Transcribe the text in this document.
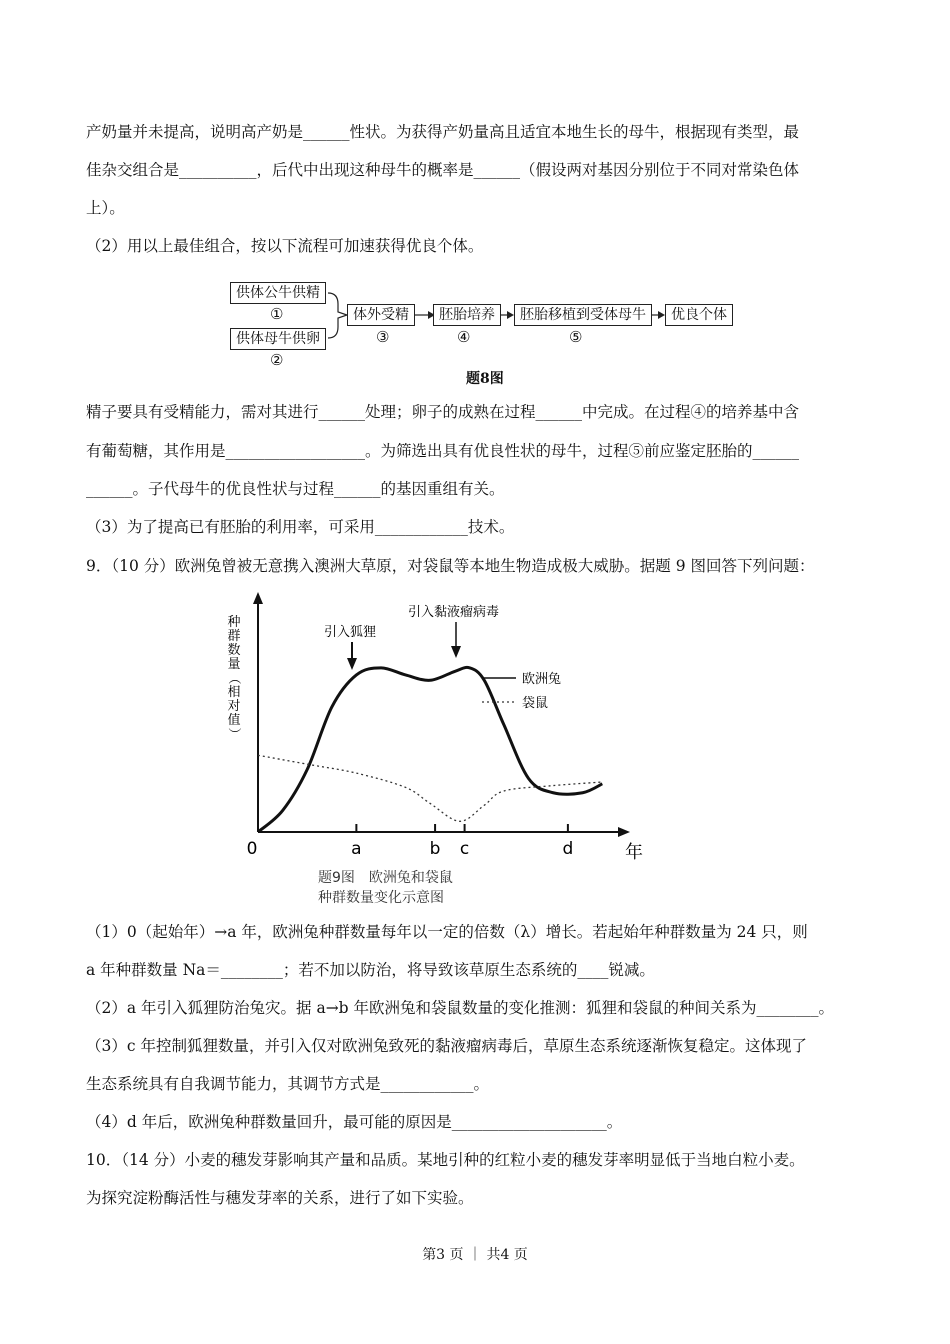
产奶量并未提高，说明高产奶是______性状。为获得产奶量高且适宜本地生长的母牛，根据现有类型，最
佳杂交组合是__________，后代中出现这种母牛的概率是______（假设两对基因分别位于不同对常染色体
上）。
（2）用以上最佳组合，按以下流程可加速获得优良个体。
供体公牛供精
①
供体母牛供卵
②
体外受精
③
胚胎培养
④
胚胎移植到受体母牛
⑤
优良个体
题8图
精子要具有受精能力，需对其进行______处理；卵子的成熟在过程______中完成。在过程④的培养基中含
有葡萄糖，其作用是__________________。为筛选出具有优良性状的母牛，过程⑤前应鉴定胚胎的______
______。子代母牛的优良性状与过程______的基因重组有关。
（3）为了提高已有胚胎的利用率，可采用____________技术。
9．（10 分）欧洲兔曾被无意携入澳洲大草原，对袋鼠等本地生物造成极大威胁。据题 9 图回答下列问题：
种
群
数
量
（
相
对
值
）
年
0	a	b c	d
引入狐狸
引入黏液瘤病毒
欧洲兔
袋鼠
题9图　欧洲兔和袋鼠
种群数量变化示意图
（1）0（起始年）→a 年，欧洲兔种群数量每年以一定的倍数（λ）增长。若起始年种群数量为 24 只，则
a 年种群数量 Na＝________；若不加以防治，将导致该草原生态系统的____锐减。
（2）a 年引入狐狸防治兔灾。据 a→b 年欧洲兔和袋鼠数量的变化推测：狐狸和袋鼠的种间关系为________。
（3）c 年控制狐狸数量，并引入仅对欧洲兔致死的黏液瘤病毒后，草原生态系统逐渐恢复稳定。这体现了
生态系统具有自我调节能力，其调节方式是____________。
（4）d 年后，欧洲兔种群数量回升，最可能的原因是____________________。
10．（14 分）小麦的穗发芽影响其产量和品质。某地引种的红粒小麦的穗发芽率明显低于当地白粒小麦。
为探究淀粉酶活性与穗发芽率的关系，进行了如下实验。
第3 页 ｜ 共4 页
